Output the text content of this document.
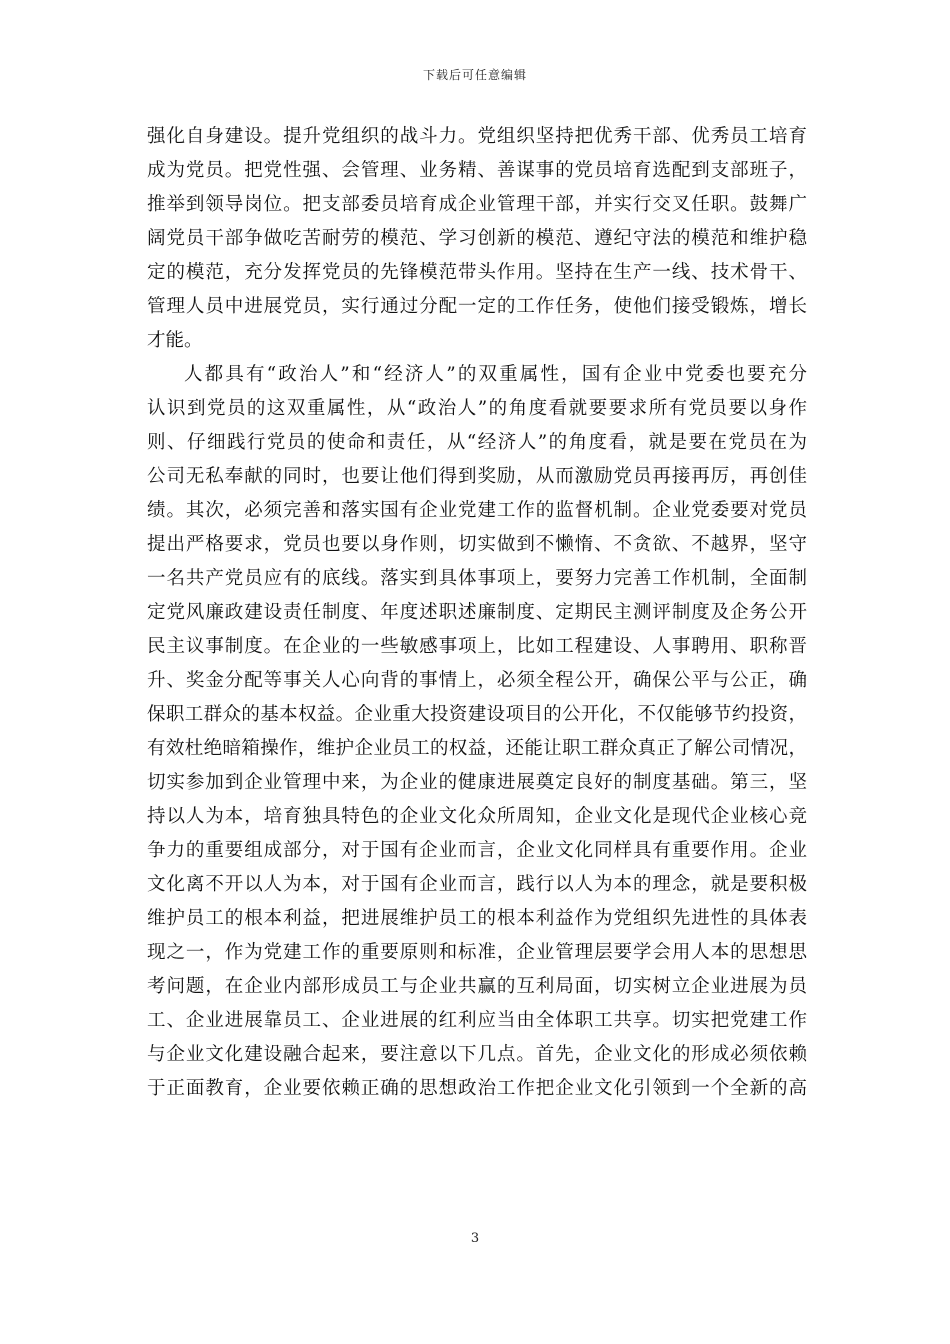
下载后可任意编辑
强化自身建设。提升党组织的战斗力。党组织坚持把优秀干部、优秀员工培育
成为党员。把党性强、会管理、业务精、善谋事的党员培育选配到支部班子，
推举到领导岗位。把支部委员培育成企业管理干部，并实行交叉任职。鼓舞广
阔党员干部争做吃苦耐劳的模范、学习创新的模范、遵纪守法的模范和维护稳
定的模范，充分发挥党员的先锋模范带头作用。坚持在生产一线、技术骨干、
管理人员中进展党员，实行通过分配一定的工作任务，使他们接受锻炼，增长
才能。
人都具有“政治人”和“经济人”的双重属性，国有企业中党委也要充分
认识到党员的这双重属性，从“政治人”的角度看就要要求所有党员要以身作
则、仔细践行党员的使命和责任，从“经济人”的角度看，就是要在党员在为
公司无私奉献的同时，也要让他们得到奖励，从而激励党员再接再厉，再创佳
绩。其次，必须完善和落实国有企业党建工作的监督机制。企业党委要对党员
提出严格要求，党员也要以身作则，切实做到不懒惰、不贪欲、不越界，坚守
一名共产党员应有的底线。落实到具体事项上，要努力完善工作机制，全面制
定党风廉政建设责任制度、年度述职述廉制度、定期民主测评制度及企务公开
民主议事制度。在企业的一些敏感事项上，比如工程建设、人事聘用、职称晋
升、奖金分配等事关人心向背的事情上，必须全程公开，确保公平与公正，确
保职工群众的基本权益。企业重大投资建设项目的公开化，不仅能够节约投资，
有效杜绝暗箱操作，维护企业员工的权益，还能让职工群众真正了解公司情况，
切实参加到企业管理中来，为企业的健康进展奠定良好的制度基础。第三，坚
持以人为本，培育独具特色的企业文化众所周知，企业文化是现代企业核心竞
争力的重要组成部分，对于国有企业而言，企业文化同样具有重要作用。企业
文化离不开以人为本，对于国有企业而言，践行以人为本的理念，就是要积极
维护员工的根本利益，把进展维护员工的根本利益作为党组织先进性的具体表
现之一，作为党建工作的重要原则和标准，企业管理层要学会用人本的思想思
考问题，在企业内部形成员工与企业共赢的互利局面，切实树立企业进展为员
工、企业进展靠员工、企业进展的红利应当由全体职工共享。切实把党建工作
与企业文化建设融合起来，要注意以下几点。首先，企业文化的形成必须依赖
于正面教育，企业要依赖正确的思想政治工作把企业文化引领到一个全新的高
3
